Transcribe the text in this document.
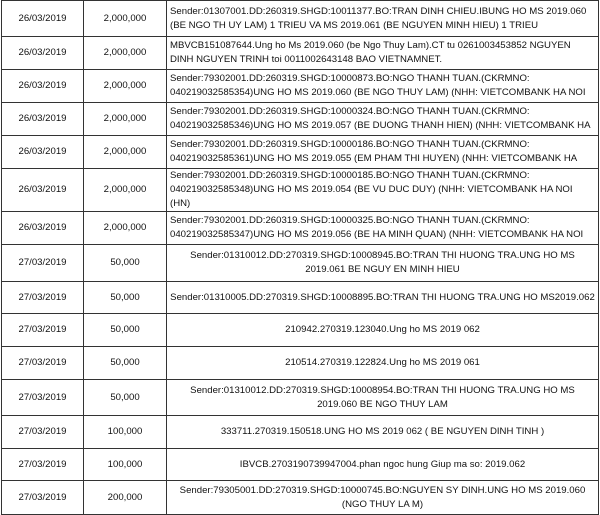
26/03/2019	2,000,000	Sender:01307001.DD:260319.SHGD:10011377.BO:TRAN DINH CHIEU.IBUNG HO MS 2019.060 (BE NGO TH UY LAM) 1 TRIEU VA MS 2019.061 (BE NGUYEN MINH HIEU) 1 TRIEU
26/03/2019	2,000,000	MBVCB151087644.Ung ho Ms 2019.060 (be Ngo Thuy Lam).CT tu 0261003453852 NGUYEN DINH NGUYEN TRINH toi 0011002643148 BAO VIETNAMNET.
26/03/2019	2,000,000	Sender:79302001.DD:260319.SHGD:10000873.BO:NGO THANH TUAN.(CKRMNO: 040219032585354)UNG HO MS 2019.060 (BE NGO THUY LAM) (NHH: VIETCOMBANK HA NOI
26/03/2019	2,000,000	Sender:79302001.DD:260319.SHGD:10000324.BO:NGO THANH TUAN.(CKRMNO: 040219032585346)UNG HO MS 2019.057 (BE DUONG THANH HIEN) (NHH: VIETCOMBANK HA
26/03/2019	2,000,000	Sender:79302001.DD:260319.SHGD:10000186.BO:NGO THANH TUAN.(CKRMNO: 040219032585361)UNG HO MS 2019.055 (EM PHAM THI HUYEN) (NHH: VIETCOMBANK HA
26/03/2019	2,000,000	Sender:79302001.DD:260319.SHGD:10000185.BO:NGO THANH TUAN.(CKRMNO: 040219032585348)UNG HO MS 2019.054 (BE VU DUC DUY) (NHH: VIETCOMBANK HA NOI (HN)
26/03/2019	2,000,000	Sender:79302001.DD:260319.SHGD:10000325.BO:NGO THANH TUAN.(CKRMNO: 040219032585347)UNG HO MS 2019.056 (BE HA MINH QUAN) (NHH: VIETCOMBANK HA NOI
27/03/2019	50,000	Sender:01310012.DD:270319.SHGD:10008945.BO:TRAN THI HUONG TRA.UNG HO MS 2019.061 BE NGUY EN MINH HIEU
27/03/2019	50,000	Sender:01310005.DD:270319.SHGD:10008895.BO:TRAN THI HUONG TRA.UNG HO MS2019.062
27/03/2019	50,000	210942.270319.123040.Ung ho MS 2019 062
27/03/2019	50,000	210514.270319.122824.Ung ho MS 2019 061
27/03/2019	50,000	Sender:01310012.DD:270319.SHGD:10008954.BO:TRAN THI HUONG TRA.UNG HO MS 2019.060 BE NGO THUY LAM
27/03/2019	100,000	333711.270319.150518.UNG HO MS 2019 062 ( BE NGUYEN DINH TINH )
27/03/2019	100,000	IBVCB.2703190739947004.phan ngoc hung Giup ma so: 2019.062
27/03/2019	200,000	Sender:79305001.DD:270319.SHGD:10000745.BO:NGUYEN SY DINH.UNG HO MS 2019.060 (NGO THUY LA M)
